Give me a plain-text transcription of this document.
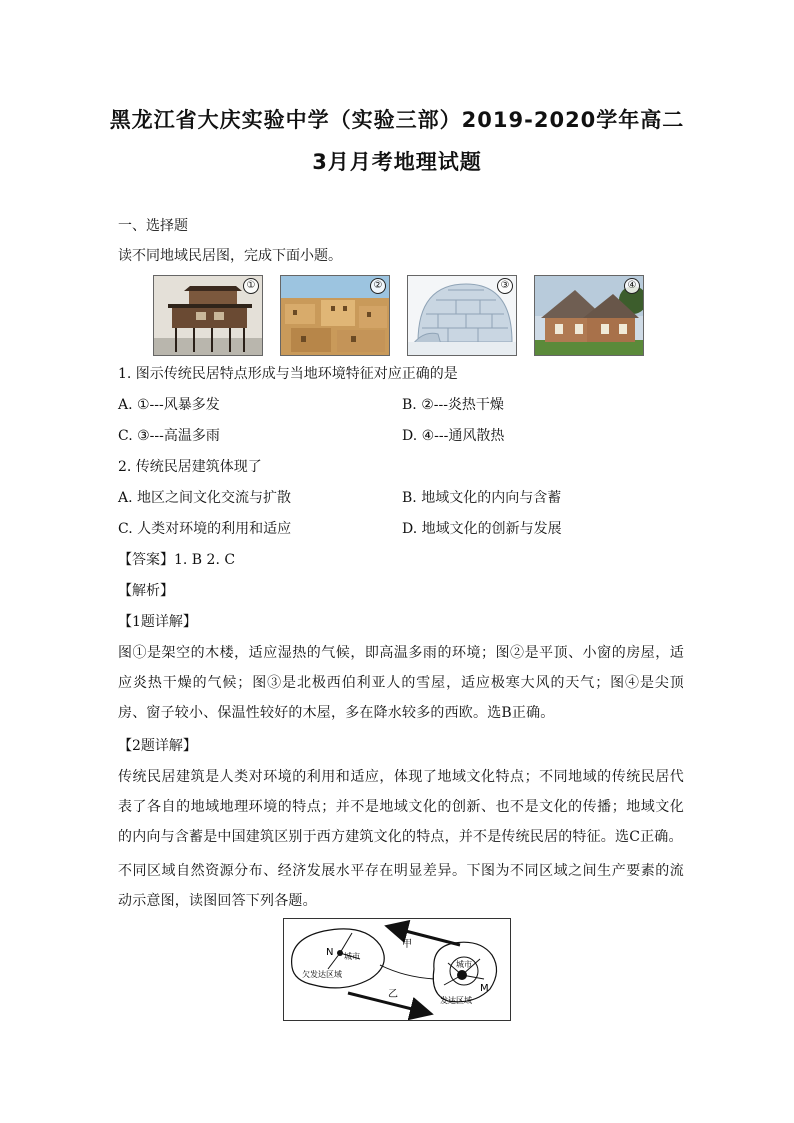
黑龙江省大庆实验中学（实验三部）2019-2020学年高二
3月月考地理试题
一、选择题
读不同地域民居图，完成下面小题。
①	②	③	④
1. 图示传统民居特点形成与当地环境特征对应正确的是
A. ①---风暴多发	B. ②---炎热干燥
C. ③---高温多雨	D. ④---通风散热
2. 传统民居建筑体现了
A. 地区之间文化交流与扩散	B. 地域文化的内向与含蓄
C. 人类对环境的利用和适应	D. 地域文化的创新与发展
【答案】1. B 2. C
【解析】
【1题详解】
图①是架空的木楼，适应湿热的气候，即高温多雨的环境；图②是平顶、小窗的房屋，适应炎热干燥的气候；图③是北极西伯利亚人的雪屋，适应极寒大风的天气；图④是尖顶房、窗子较小、保温性较好的木屋，多在降水较多的西欧。选B正确。
【2题详解】
传统民居建筑是人类对环境的利用和适应，体现了地域文化特点；不同地域的传统民居代表了各自的地域地理环境的特点；并不是地域文化的创新、也不是文化的传播；地域文化的内向与含蓄是中国建筑区别于西方建筑文化的特点，并不是传统民居的特征。选C正确。
不同区域自然资源分布、经济发展水平存在明显差异。下图为不同区域之间生产要素的流动示意图，读图回答下列各题。
N 城市
欠发达区域
城市
M
发达区域
甲
乙
